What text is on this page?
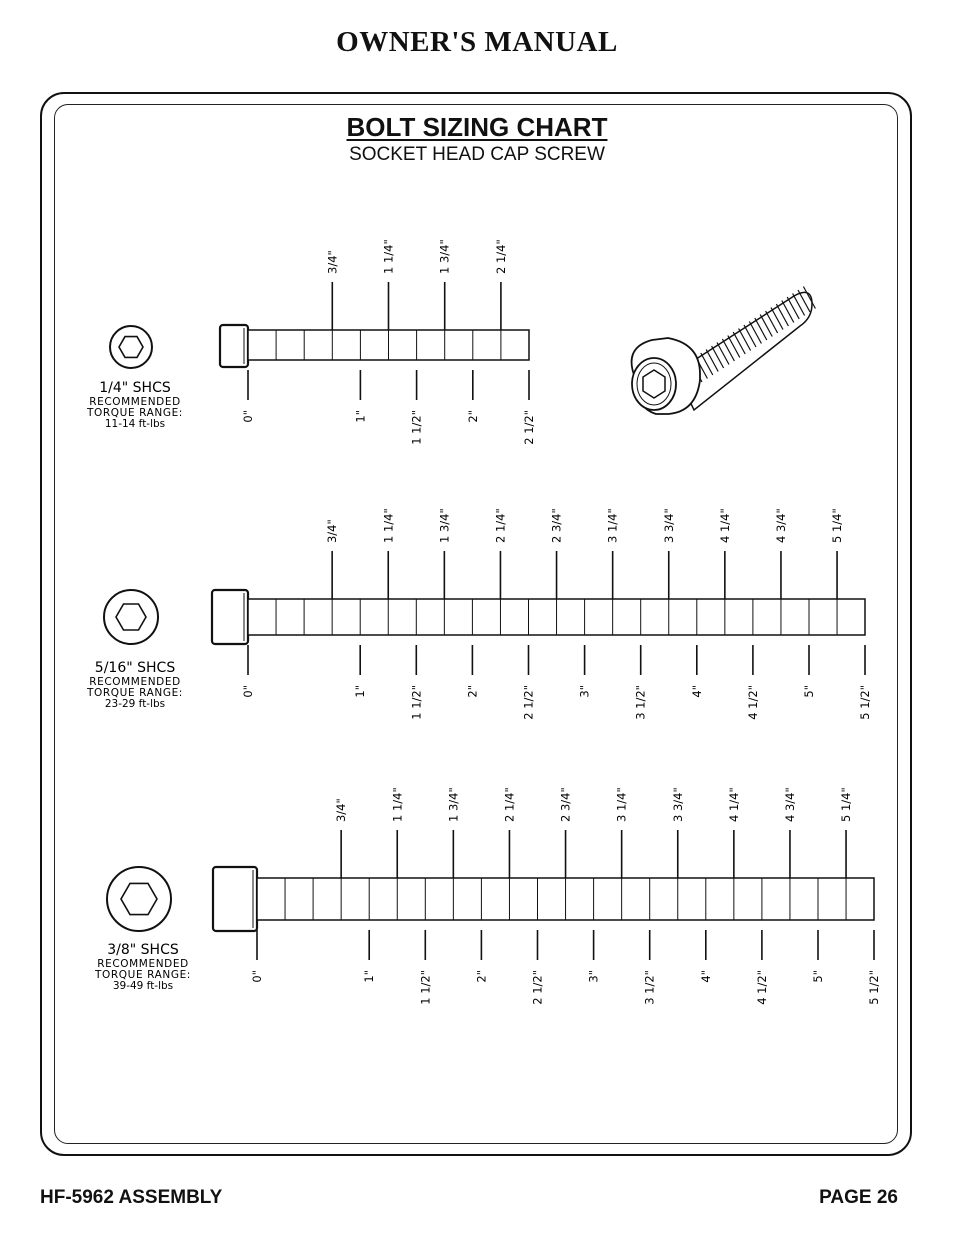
OWNER'S MANUAL
BOLT SIZING CHART
SOCKET HEAD CAP SCREW
1/4" SHCS
RECOMMENDED
TORQUE RANGE:
11-14 ft-lbs
3/4"	1 1/4"	1 3/4"	2 1/4"
0"	1"	1 1/2"	2"	2 1/2"
5/16" SHCS
RECOMMENDED
TORQUE RANGE:
23-29 ft-lbs
3/4"	1 1/4"	1 3/4"	2 1/4"	2 3/4"	3 1/4"	3 3/4"	4 1/4"	4 3/4"	5 1/4"
0"	1"	1 1/2"	2"	2 1/2"	3"	3 1/2"	4"	4 1/2"	5"	5 1/2"
3/8" SHCS
RECOMMENDED
TORQUE RANGE:
39-49 ft-lbs
3/4"	1 1/4"	1 3/4"	2 1/4"	2 3/4"	3 1/4"	3 3/4"	4 1/4"	4 3/4"	5 1/4"
0"	1"	1 1/2"	2"	2 1/2"	3"	3 1/2"	4"	4 1/2"	5"	5 1/2"
HF-5962 ASSEMBLY	PAGE 26
